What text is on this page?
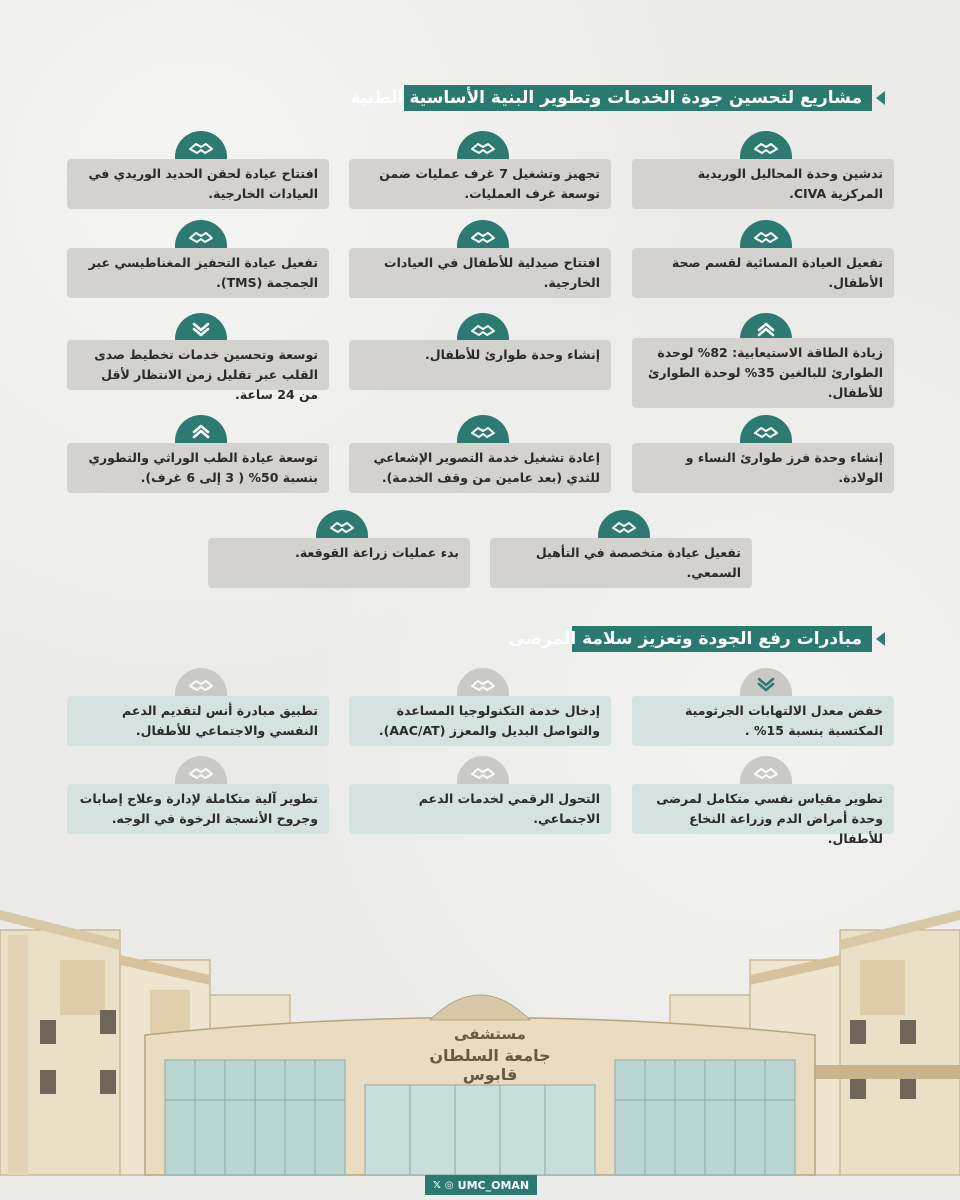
مشاريع لتحسين جودة الخدمات وتطوير البنية الأساسية الطبية
تدشين وحدة المحاليل الوريدية المركزية CIVA.
تجهيز وتشغيل 7 غرف عمليات ضمن توسعة غرف العمليات.
افتتاح عيادة لحقن الحديد الوريدي في العيادات الخارجية.
تفعيل العيادة المسائية لقسم صحة الأطفال.
افتتاح صيدلية للأطفال في العيادات الخارجية.
تفعيل عيادة التحفيز المغناطيسي عبر الجمجمة (TMS).
زيادة الطاقة الاستيعابية: 82% لوحدة الطوارئ للبالغين 35% لوحدة الطوارئ للأطفال.
إنشاء وحدة طوارئ للأطفال.
توسعة وتحسين خدمات تخطيط صدى القلب عبر تقليل زمن الانتظار لأقل من 24 ساعة.
إنشاء وحدة فرز طوارئ النساء و الولادة.
إعادة تشغيل خدمة التصوير الإشعاعي للثدي (بعد عامين من وقف الخدمة).
توسعة عيادة الطب الوراثي والتطوري بنسبة 50% ( 3 إلى 6 غرف).
تفعيل عيادة متخصصة في التأهيل السمعي.
بدء عمليات زراعة القوقعة.
مبادرات رفع الجودة وتعزيز سلامة المرضى
خفض معدل الالتهابات الجرثومية المكتسبة بنسبة 15% .
إدخال خدمة التكنولوجيا المساعدة والتواصل البديل والمعزز (AAC/AT).
تطبيق مبادرة أنس لتقديم الدعم النفسي والاجتماعي للأطفال.
تطوير مقياس نفسي متكامل لمرضى وحدة أمراض الدم وزراعة النخاع للأطفال.
التحول الرقمي لخدمات الدعم الاجتماعي.
تطوير آلية متكاملة لإدارة وعلاج إصابات وجروح الأنسجة الرخوة في الوجه.
مستشفى
جامعة السلطان قابوس
𝕏 ◎ UMC_OMAN
